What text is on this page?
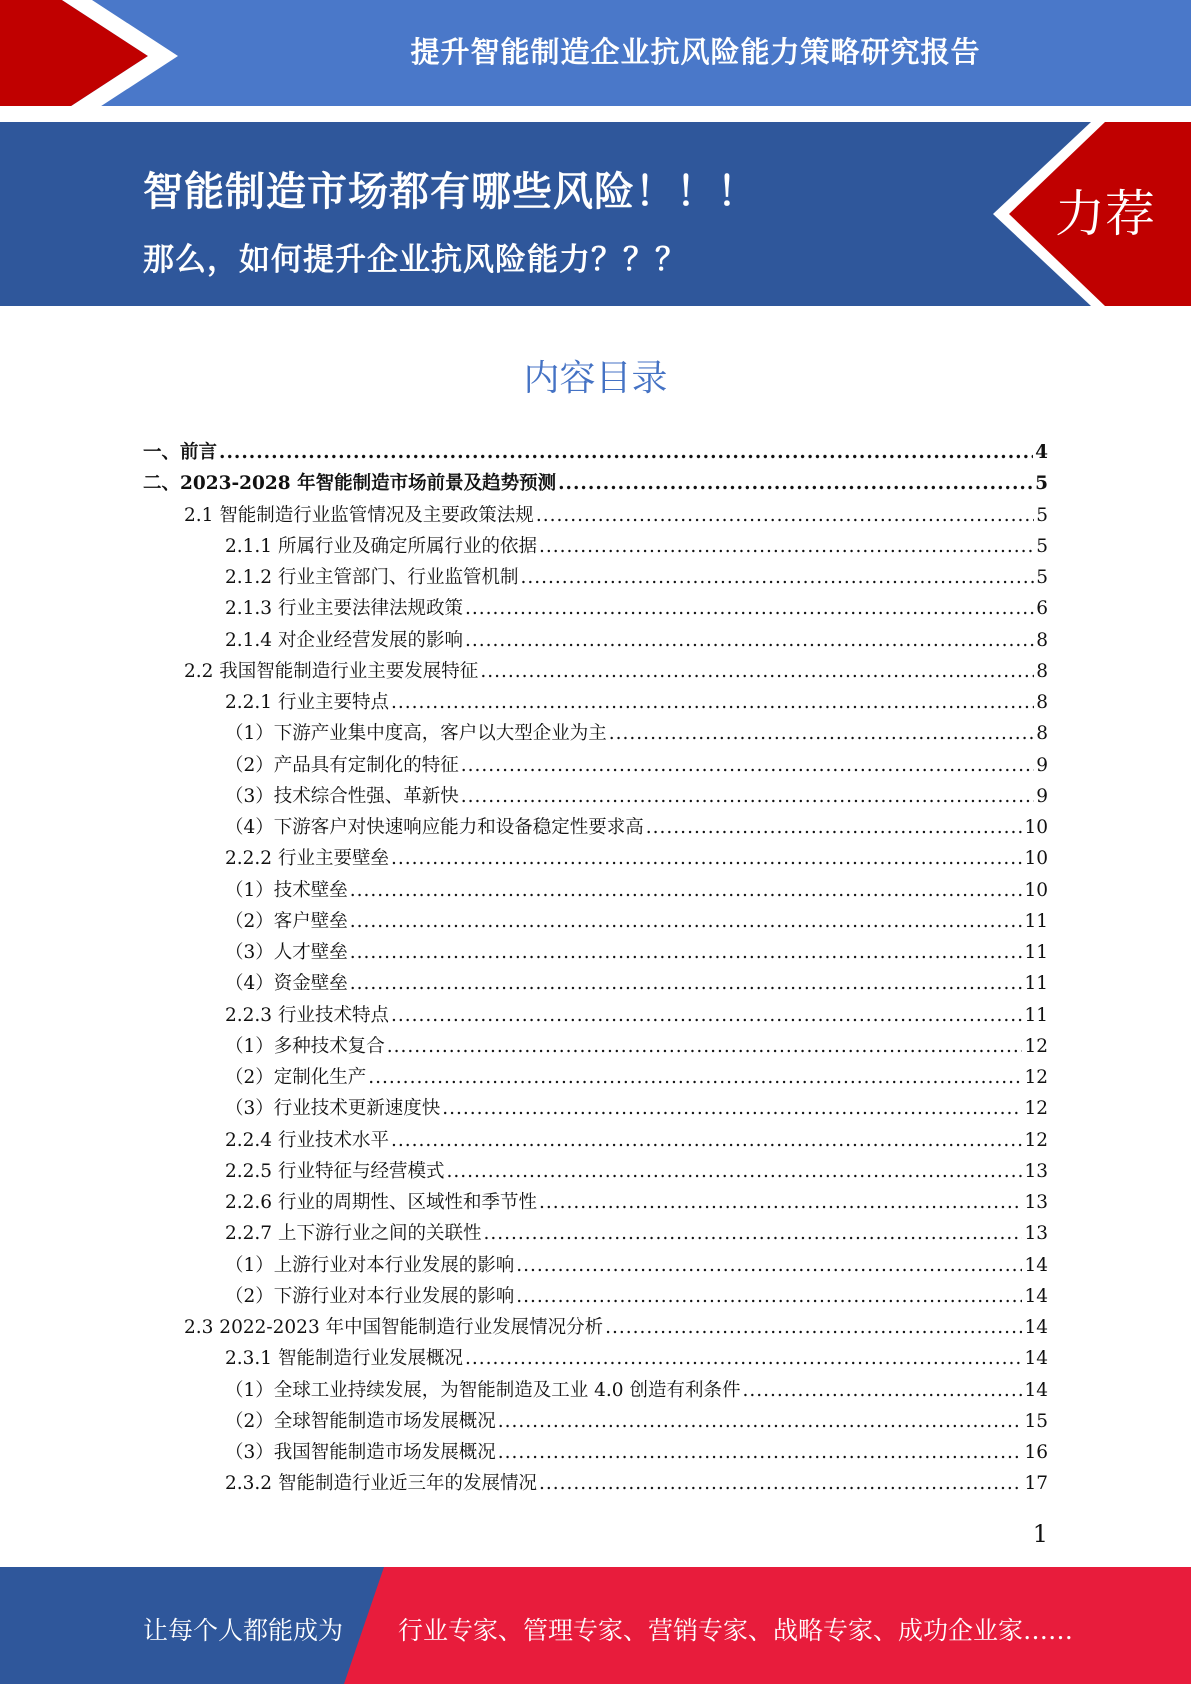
提升智能制造企业抗风险能力策略研究报告
智能制造市场都有哪些风险！！！
那么，如何提升企业抗风险能力？？？
力荐
内容目录
一、前言 .....	4
二、2023-2028 年智能制造市场前景及趋势预测 .....	5
2.1 智能制造行业监管情况及主要政策法规 .....	5
2.1.1 所属行业及确定所属行业的依据 .....	5
2.1.2 行业主管部门、行业监管机制 .....	5
2.1.3 行业主要法律法规政策 .....	6
2.1.4 对企业经营发展的影响 .....	8
2.2 我国智能制造行业主要发展特征 .....	8
2.2.1 行业主要特点 .....	8
（1）下游产业集中度高，客户以大型企业为主 .....	8
（2）产品具有定制化的特征 .....	9
（3）技术综合性强、革新快 .....	9
（4）下游客户对快速响应能力和设备稳定性要求高 .....	10
2.2.2 行业主要壁垒 .....	10
（1）技术壁垒 .....	10
（2）客户壁垒 .....	11
（3）人才壁垒 .....	11
（4）资金壁垒 .....	11
2.2.3 行业技术特点 .....	11
（1）多种技术复合 .....	12
（2）定制化生产 .....	12
（3）行业技术更新速度快 .....	12
2.2.4 行业技术水平 .....	12
2.2.5 行业特征与经营模式 .....	13
2.2.6 行业的周期性、区域性和季节性 .....	13
2.2.7 上下游行业之间的关联性 .....	13
（1）上游行业对本行业发展的影响 .....	14
（2）下游行业对本行业发展的影响 .....	14
2.3 2022-2023 年中国智能制造行业发展情况分析 .....	14
2.3.1 智能制造行业发展概况 .....	14
（1）全球工业持续发展，为智能制造及工业 4.0 创造有利条件 .....	14
（2）全球智能制造市场发展概况 .....	15
（3）我国智能制造市场发展概况 .....	16
2.3.2 智能制造行业近三年的发展情况 .....	17
1
让每个人都能成为 行业专家、管理专家、营销专家、战略专家、成功企业家……
